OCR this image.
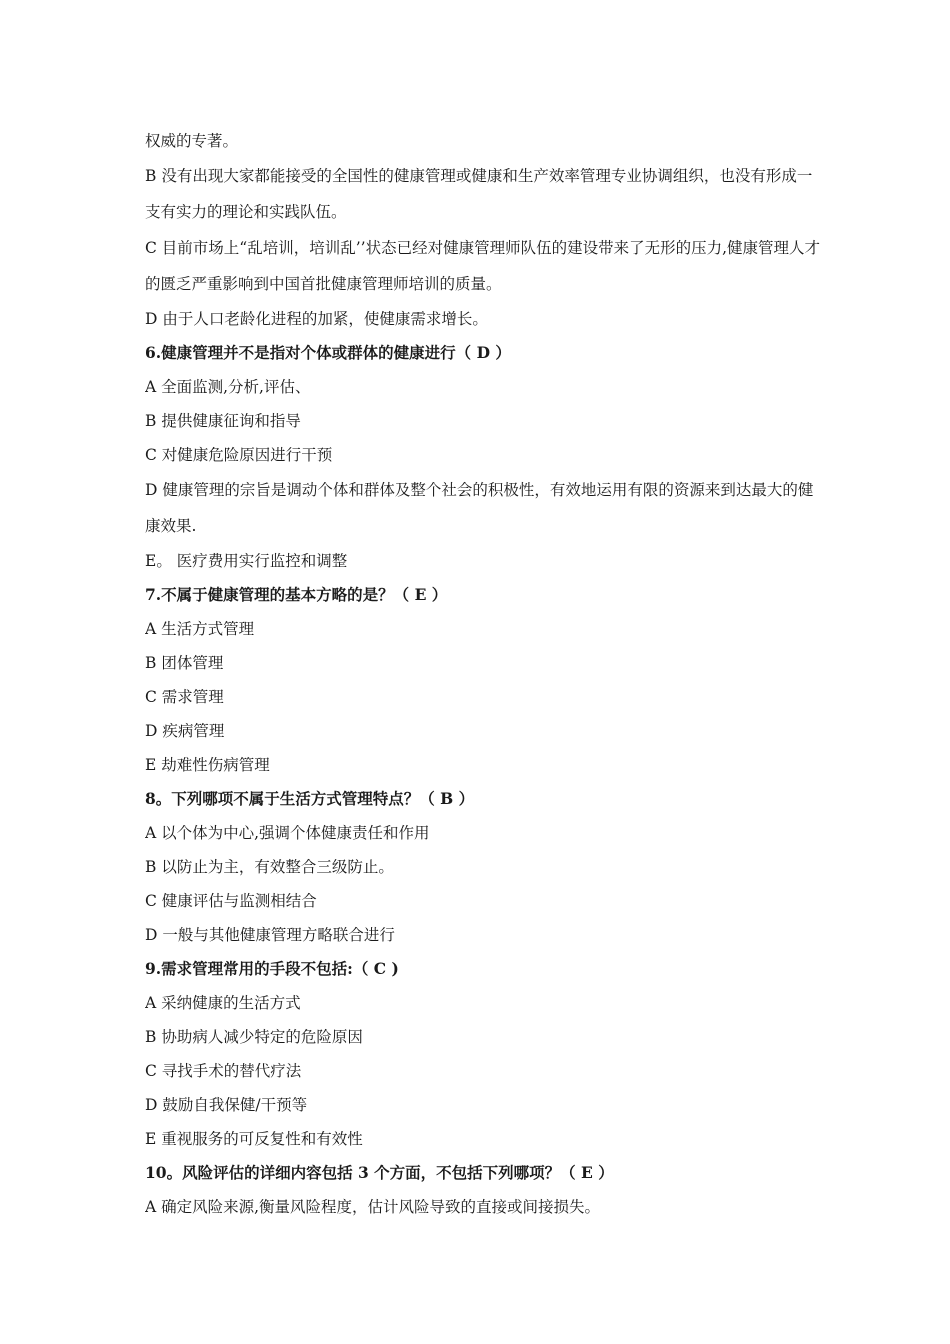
权威的专著。
B 没有出现大家都能接受的全国性的健康管理或健康和生产效率管理专业协调组织，也没有形成一支有实力的理论和实践队伍。
C 目前市场上“乱培训，培训乱’’状态已经对健康管理师队伍的建设带来了无形的压力,健康管理人才的匮乏严重影响到中国首批健康管理师培训的质量。
D 由于人口老龄化进程的加紧，使健康需求增长。
6.健康管理并不是指对个体或群体的健康进行（ D ）
A 全面监测,分析,评估、
B 提供健康征询和指导
C 对健康危险原因进行干预
D 健康管理的宗旨是调动个体和群体及整个社会的积极性，有效地运用有限的资源来到达最大的健康效果.
E。 医疗费用实行监控和调整
7.不属于健康管理的基本方略的是？（ E ）
A 生活方式管理
B 团体管理
C 需求管理
D 疾病管理
E 劫难性伤病管理
8。下列哪项不属于生活方式管理特点？（ B ）
A 以个体为中心,强调个体健康责任和作用
B 以防止为主，有效整合三级防止。
C 健康评估与监测相结合
D 一般与其他健康管理方略联合进行
9.需求管理常用的手段不包括:（ C )
A 采纳健康的生活方式
B 协助病人减少特定的危险原因
C 寻找手术的替代疗法
D 鼓励自我保健/干预等
E 重视服务的可反复性和有效性
10。风险评估的详细内容包括 3 个方面，不包括下列哪项？（ E ）
A 确定风险来源,衡量风险程度，估计风险导致的直接或间接损失。
